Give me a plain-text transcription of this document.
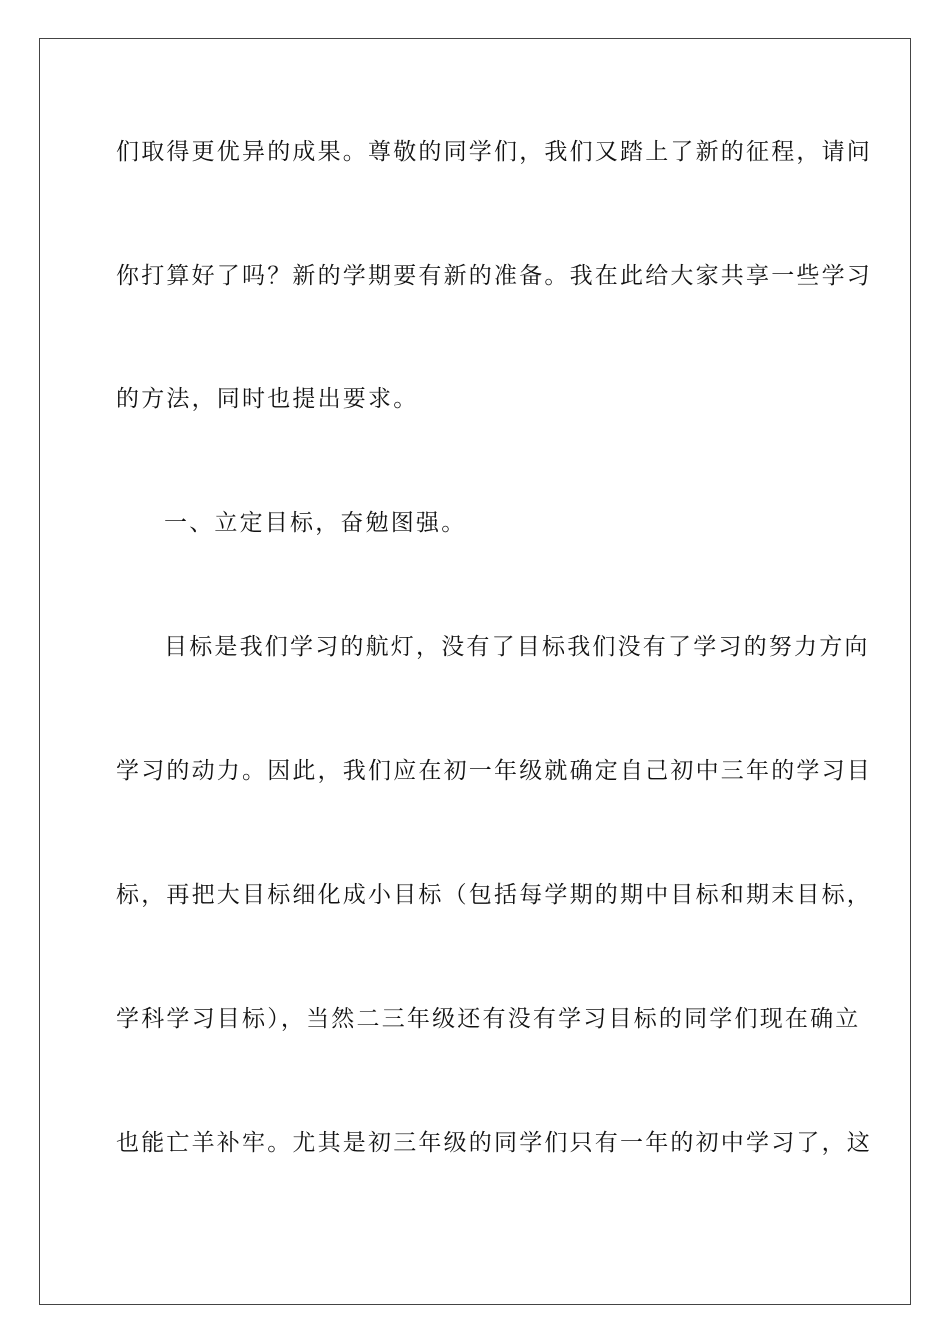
们取得更优异的成果。尊敬的同学们，我们又踏上了新的征程，请问
你打算好了吗？新的学期要有新的准备。我在此给大家共享一些学习
的方法，同时也提出要求。
一、立定目标，奋勉图强。
目标是我们学习的航灯，没有了目标我们没有了学习的努力方向
学习的动力。因此，我们应在初一年级就确定自己初中三年的学习目
标，再把大目标细化成小目标（包括每学期的期中目标和期末目标，
学科学习目标），当然二三年级还有没有学习目标的同学们现在确立
也能亡羊补牢。尤其是初三年级的同学们只有一年的初中学习了，这
